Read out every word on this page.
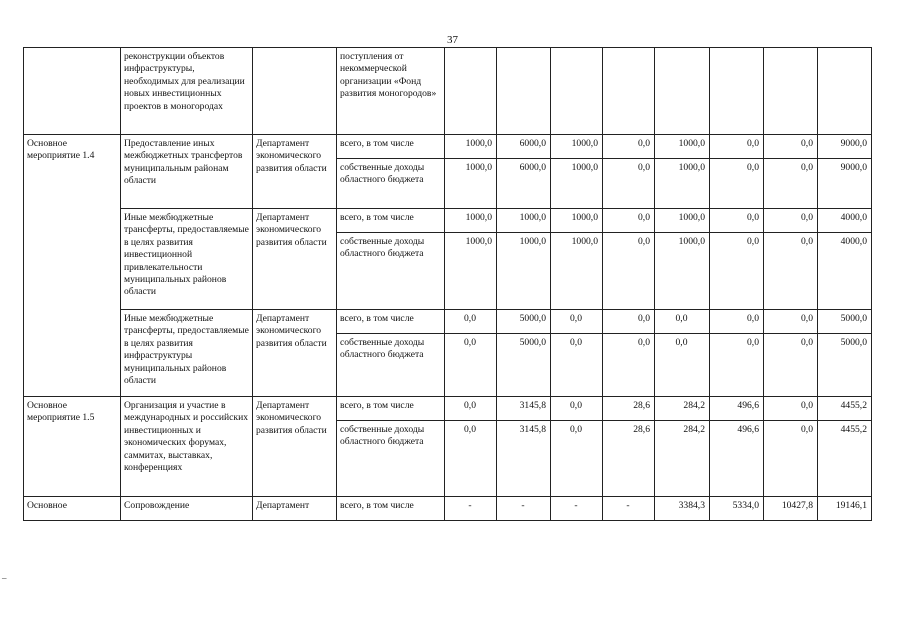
37
	реконструкции объектов инфраструктуры, необходимых для реализации новых инвестиционных проектов в моногородах		поступления от некоммерческой организации «Фонд развития моногородов»								
Основное мероприятие 1.4	Предоставление иных межбюджетных трансфертов муниципальным районам области	Департамент экономического развития области	всего, в том числе	1000,0	6000,0	1000,0	0,0	1000,0	0,0	0,0	9000,0
			собственные доходы областного бюджета	1000,0	6000,0	1000,0	0,0	1000,0	0,0	0,0	9000,0
	Иные межбюджетные трансферты, предоставляемые в целях развития инвестиционной привлекательности муниципальных районов области	Департамент экономического развития области	всего, в том числе	1000,0	1000,0	1000,0	0,0	1000,0	0,0	0,0	4000,0
			собственные доходы областного бюджета	1000,0	1000,0	1000,0	0,0	1000,0	0,0	0,0	4000,0
	Иные межбюджетные трансферты, предоставляемые в целях развития инфраструктуры муниципальных районов области	Департамент экономического развития области	всего, в том числе	0,0	5000,0	0,0	0,0	0,0	0,0	0,0	5000,0
			собственные доходы областного бюджета	0,0	5000,0	0,0	0,0	0,0	0,0	0,0	5000,0
Основное мероприятие 1.5	Организация и участие в международных и российских инвестиционных и экономических форумах, саммитах, выставках, конференциях	Департамент экономического развития области	всего, в том числе	0,0	3145,8	0,0	28,6	284,2	496,6	0,0	4455,2
			собственные доходы областного бюджета	0,0	3145,8	0,0	28,6	284,2	496,6	0,0	4455,2
Основное	Сопровождение	Департамент	всего, в том числе	-	-	-	-	3384,3	5334,0	10427,8	19146,1
–
